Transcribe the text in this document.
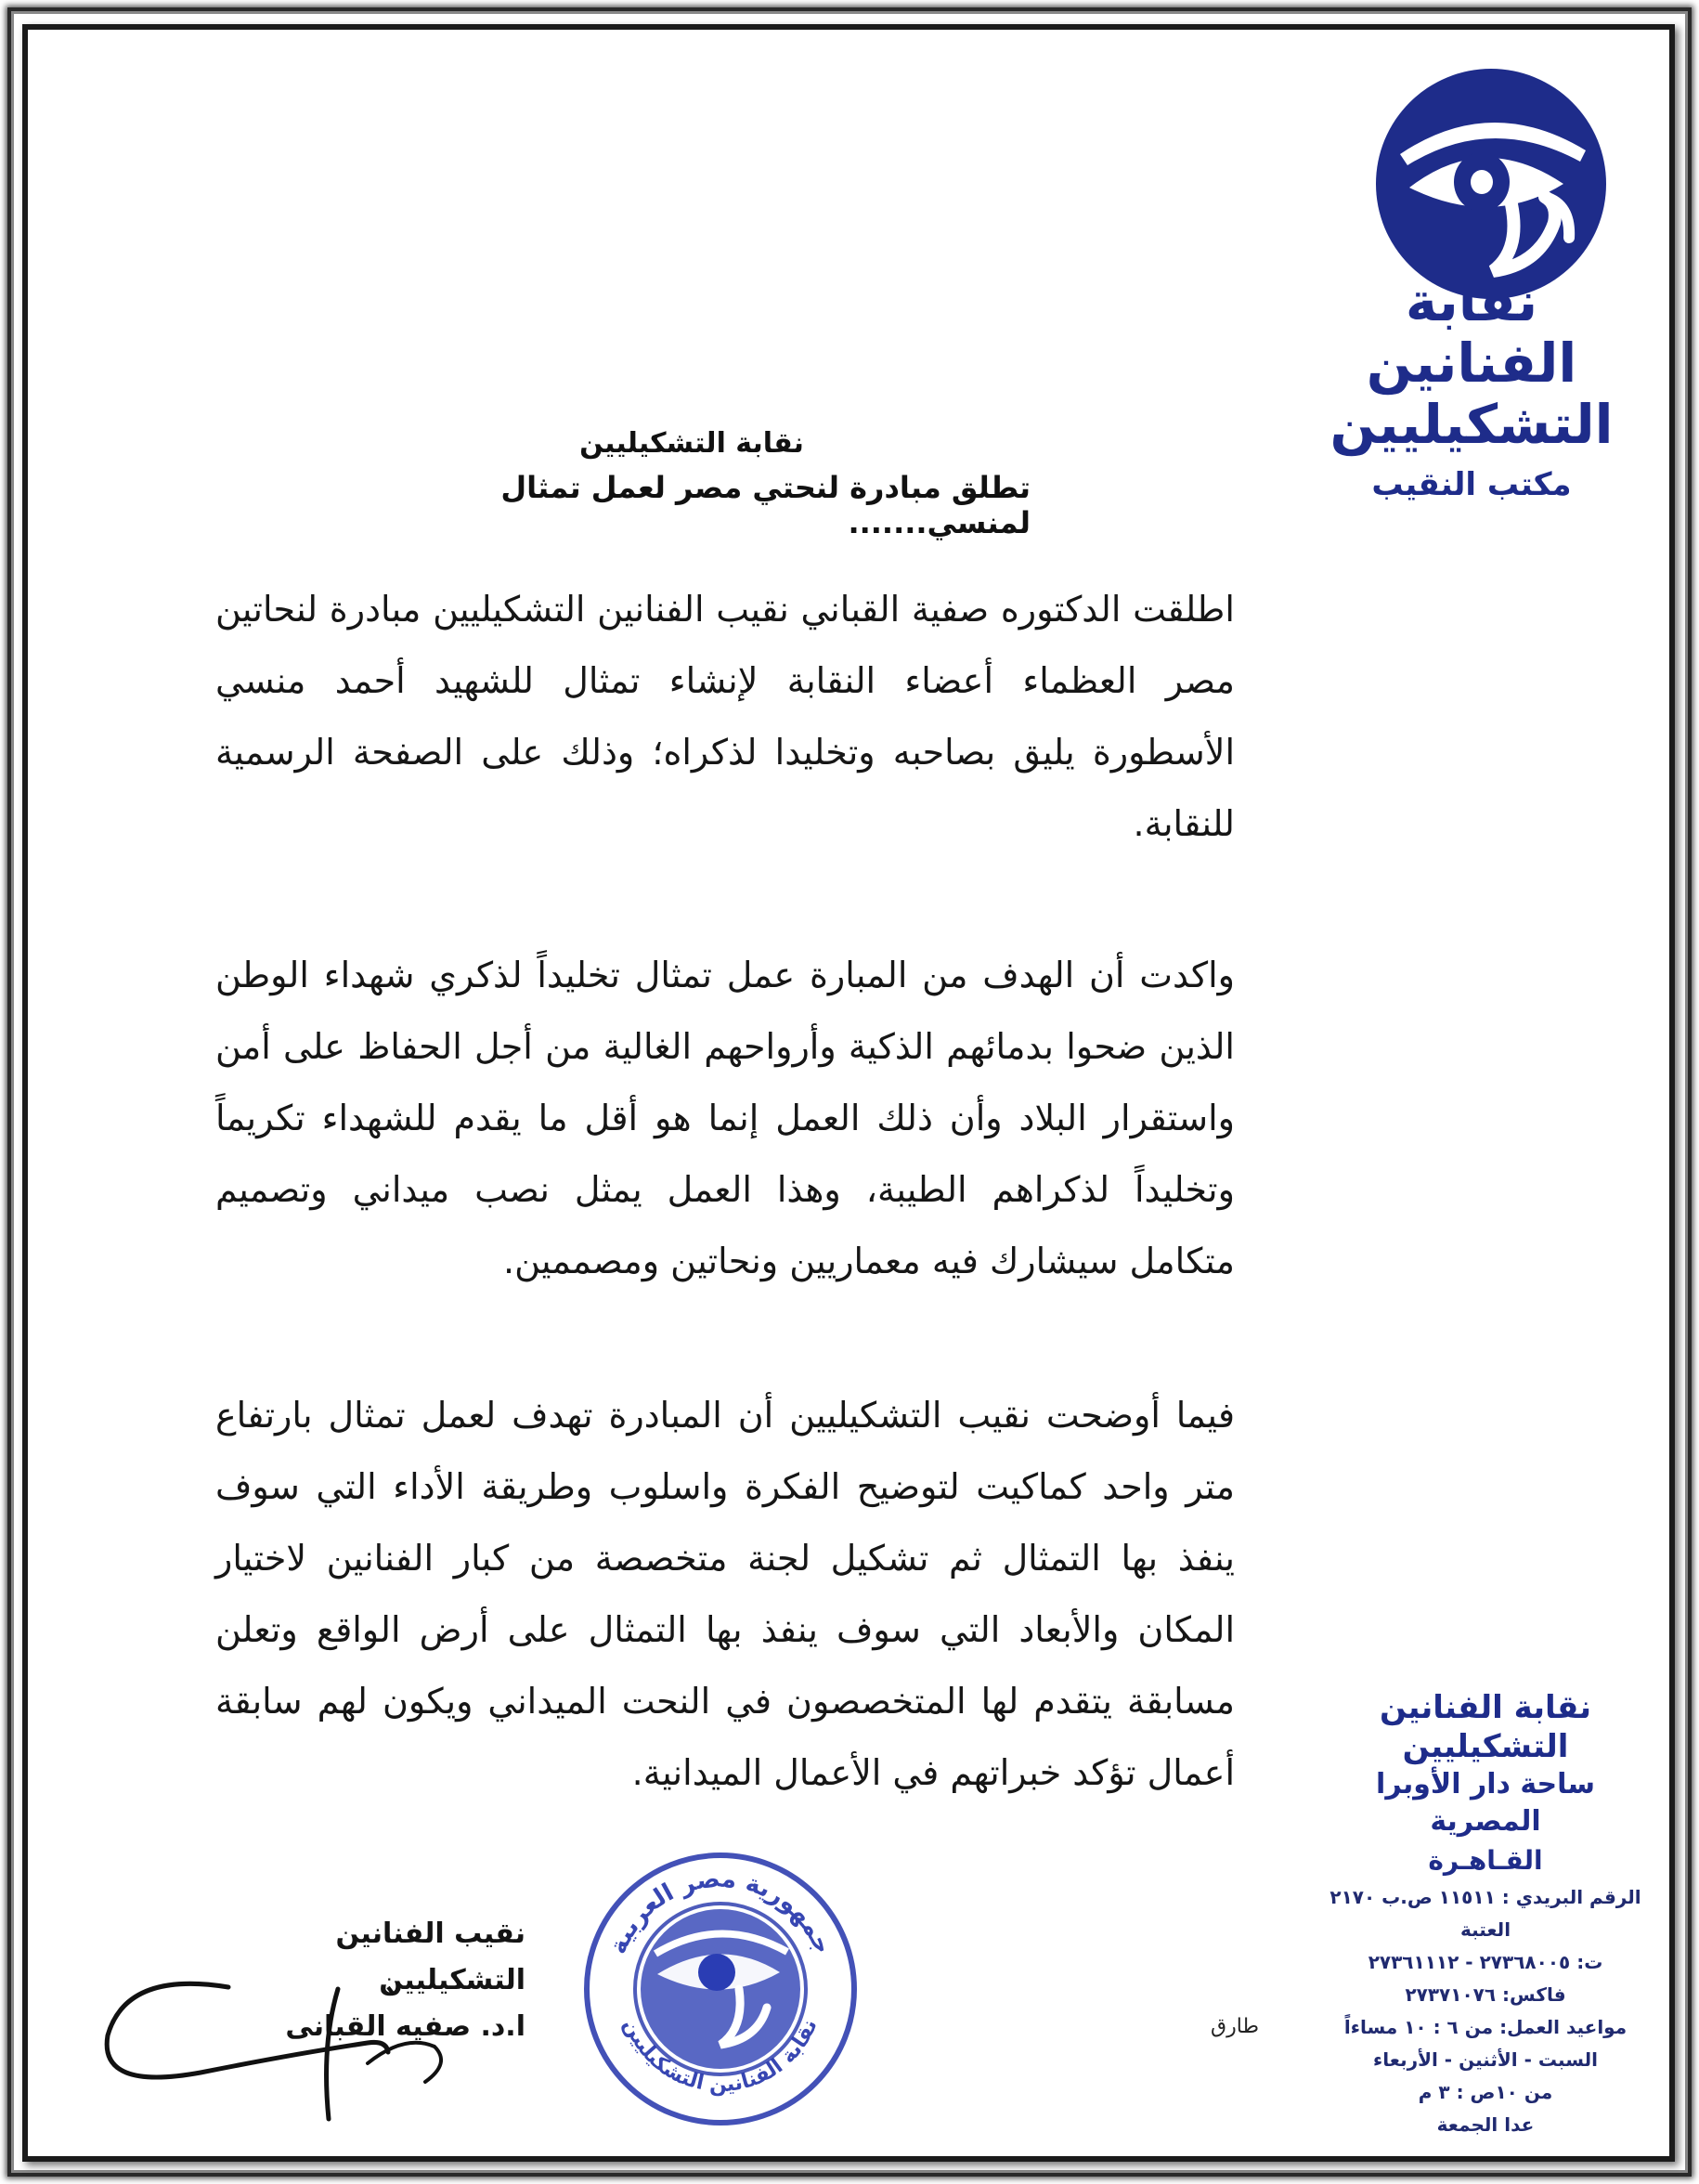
نقابة
الفنانين
التشكيليين
مكتب النقيب
نقابة التشكيليين
تطلق مبادرة لنحتي مصر لعمل تمثال لمنسي.......
اطلقت الدكتوره صفية القباني نقيب الفنانين التشكيليين مبادرة لنحاتين مصر العظماء أعضاء النقابة لإنشاء تمثال للشهيد أحمد منسي الأسطورة يليق بصاحبه وتخليدا لذكراه؛ وذلك على الصفحة الرسمية للنقابة.
واكدت أن الهدف من المبارة عمل تمثال تخليداً لذكري شهداء الوطن الذين ضحوا بدمائهم الذكية وأرواحهم الغالية من أجل الحفاظ على أمن واستقرار البلاد وأن ذلك العمل إنما هو أقل ما يقدم للشهداء تكريماً وتخليداً لذكراهم الطيبة، وهذا العمل يمثل نصب ميداني وتصميم متكامل سيشارك فيه معماريين ونحاتين ومصممين.
فيما أوضحت نقيب التشكيليين أن المبادرة تهدف لعمل تمثال بارتفاع متر واحد كماكيت لتوضيح الفكرة واسلوب وطريقة الأداء التي سوف ينفذ بها التمثال ثم تشكيل لجنة متخصصة من كبار الفنانين لاختيار المكان والأبعاد التي سوف ينفذ بها التمثال على أرض الواقع وتعلن مسابقة يتقدم لها المتخصصون في النحت الميداني ويكون لهم سابقة أعمال تؤكد خبراتهم في الأعمال الميدانية.
نقابة الفنانين التشكيليين
ساحة دار الأوبرا المصرية
القـاهـرة
الرقم البريدي : ١١٥١١ ص.ب ٢١٧٠ العتبة
ت: ٢٧٣٦٨٠٠٥ - ٢٧٣٦١١١٢
فاكس: ٢٧٣٧١٠٧٦
مواعيد العمل: من ٦ : ١٠ مساءاً
السبت - الأثنين - الأربعاء
من ١٠ص : ٣ م
عدا الجمعة
نقيب الفنانين التشكيليين
ا.د. صفيه القبانى
جمهورية مصر العربية
نقابة الفنانين التشكيليين	طارق
